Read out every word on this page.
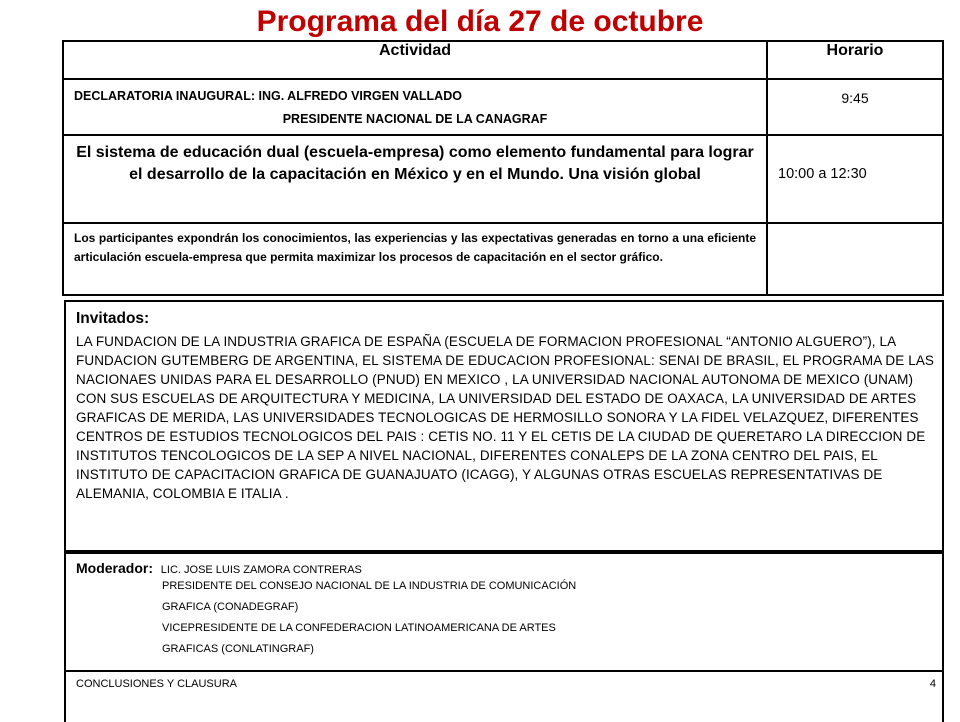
Programa del día 27 de octubre
Actividad	Horario

DECLARATORIA INAUGURAL: ING. ALFREDO VIRGEN VALLADO
PRESIDENTE NACIONAL DE LA CANAGRAF	9:45

El sistema de educación dual (escuela-empresa) como elemento fundamental para lograr el desarrollo de la capacitación en México y en el Mundo. Una visión global	10:00 a 12:30

Los participantes expondrán los conocimientos, las experiencias y las expectativas generadas en torno a una eficiente articulación escuela-empresa que permita maximizar los procesos de capacitación en el sector gráfico.	

Invitados:
LA FUNDACION DE LA INDUSTRIA GRAFICA DE ESPAÑA (ESCUELA DE FORMACION PROFESIONAL “ANTONIO ALGUERO”), LA FUNDACION GUTEMBERG DE ARGENTINA, EL SISTEMA DE EDUCACION PROFESIONAL: SENAI DE BRASIL, EL PROGRAMA DE LAS NACIONAES UNIDAS PARA EL DESARROLLO (PNUD) EN MEXICO , LA UNIVERSIDAD NACIONAL AUTONOMA DE MEXICO (UNAM) CON SUS ESCUELAS DE ARQUITECTURA Y MEDICINA, LA UNIVERSIDAD DEL ESTADO DE OAXACA, LA UNIVERSIDAD DE ARTES GRAFICAS DE MERIDA, LAS UNIVERSIDADES TECNOLOGICAS DE HERMOSILLO SONORA Y LA FIDEL VELAZQUEZ, DIFERENTES CENTROS DE ESTUDIOS TECNOLOGICOS DEL PAIS : CETIS NO. 11 Y EL CETIS DE LA CIUDAD DE QUERETARO LA DIRECCION DE INSTITUTOS TENCOLOGICOS DE LA SEP A NIVEL NACIONAL, DIFERENTES CONALEPS DE LA ZONA CENTRO DEL PAIS, EL INSTITUTO DE CAPACITACION GRAFICA DE GUANAJUATO (ICAGG), Y ALGUNAS OTRAS ESCUELAS REPRESENTATIVAS DE ALEMANIA, COLOMBIA E ITALIA .
Moderador: LIC. JOSE LUIS ZAMORA CONTRERAS
PRESIDENTE DEL CONSEJO NACIONAL DE LA INDUSTRIA DE COMUNICACIÓN
GRAFICA (CONADEGRAF)
VICEPRESIDENTE DE LA CONFEDERACION LATINOAMERICANA DE ARTES
GRAFICAS (CONLATINGRAF)
CONCLUSIONES Y CLAUSURA	4
